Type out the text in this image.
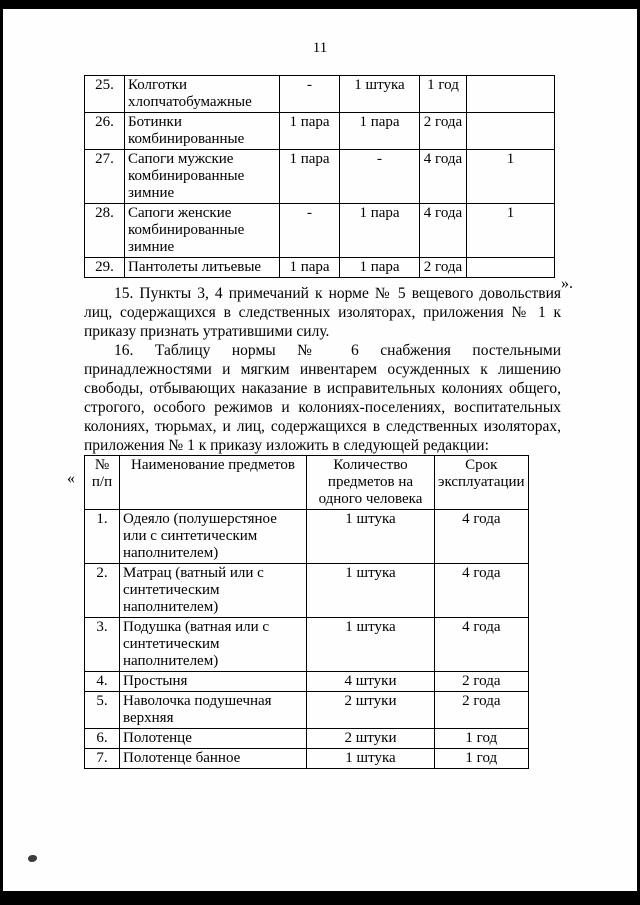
11
25.	Колготки хлопчатобумажные	-	1 штука	1 год	
26.	Ботинки комбинированные	1 пара	1 пара	2 года	
27.	Сапоги мужские комбинированные зимние	1 пара	-	4 года	1
28.	Сапоги женские комбинированные зимние	-	1 пара	4 года	1
29.	Пантолеты литьевые	1 пара	1 пара	2 года	
».

15. Пункты 3, 4 примечаний к норме № 5 вещевого довольствия лиц, содержащихся в следственных изоляторах, приложения № 1 к приказу признать утратившими силу.

16. Таблицу нормы № 6 снабжения постельными принадлежностями и мягким инвентарем осужденных к лишению свободы, отбывающих наказание в исправительных колониях общего, строгого, особого режимов и колониях-поселениях, воспитательных колониях, тюрьмах, и лиц, содержащихся в следственных изоляторах, приложения № 1 к приказу изложить в следующей редакции:

«
№ п/п	Наименование предметов	Количество предметов на одного человека	Срок эксплуатации
1.	Одеяло (полушерстяное или с синтетическим наполнителем)	1 штука	4 года
2.	Матрац (ватный или с синтетическим наполнителем)	1 штука	4 года
3.	Подушка (ватная или с синтетическим наполнителем)	1 штука	4 года
4.	Простыня	4 штуки	2 года
5.	Наволочка подушечная верхняя	2 штуки	2 года
6.	Полотенце	2 штуки	1 год
7.	Полотенце банное	1 штука	1 год
